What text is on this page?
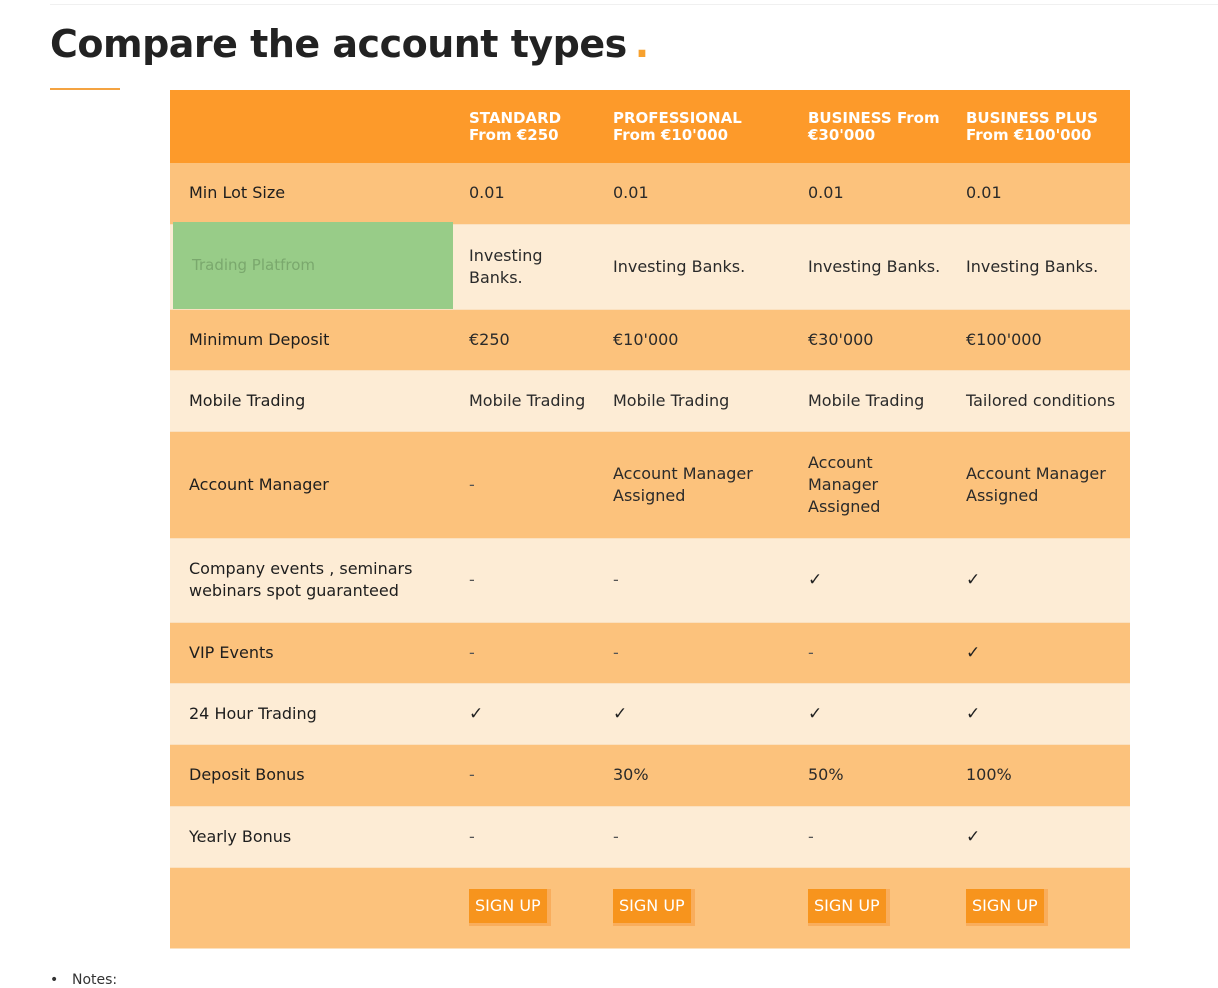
Compare the account types .
	STANDARD From €250	PROFESSIONAL From €10'000	BUSINESS From €30'000	BUSINESS PLUS From €100'000
Min Lot Size	0.01	0.01	0.01	0.01

Trading Platfrom	Investing Banks.	Investing Banks.	Investing Banks.	Investing Banks.
Minimum Deposit	€250	€10'000	€30'000	€100'000
Mobile Trading	Mobile Trading	Mobile Trading	Mobile Trading	Tailored conditions
Account Manager	-	Account Manager Assigned	Account Manager Assigned	Account Manager Assigned
Company events , seminars webinars spot guaranteed	-	-	✓	✓
VIP Events	-	-	-	✓
24 Hour Trading	✓	✓	✓	✓
Deposit Bonus	-	30%	50%	100%
Yearly Bonus	-	-	-	✓
	SIGN UP	SIGN UP	SIGN UP	SIGN UP
• Notes:
